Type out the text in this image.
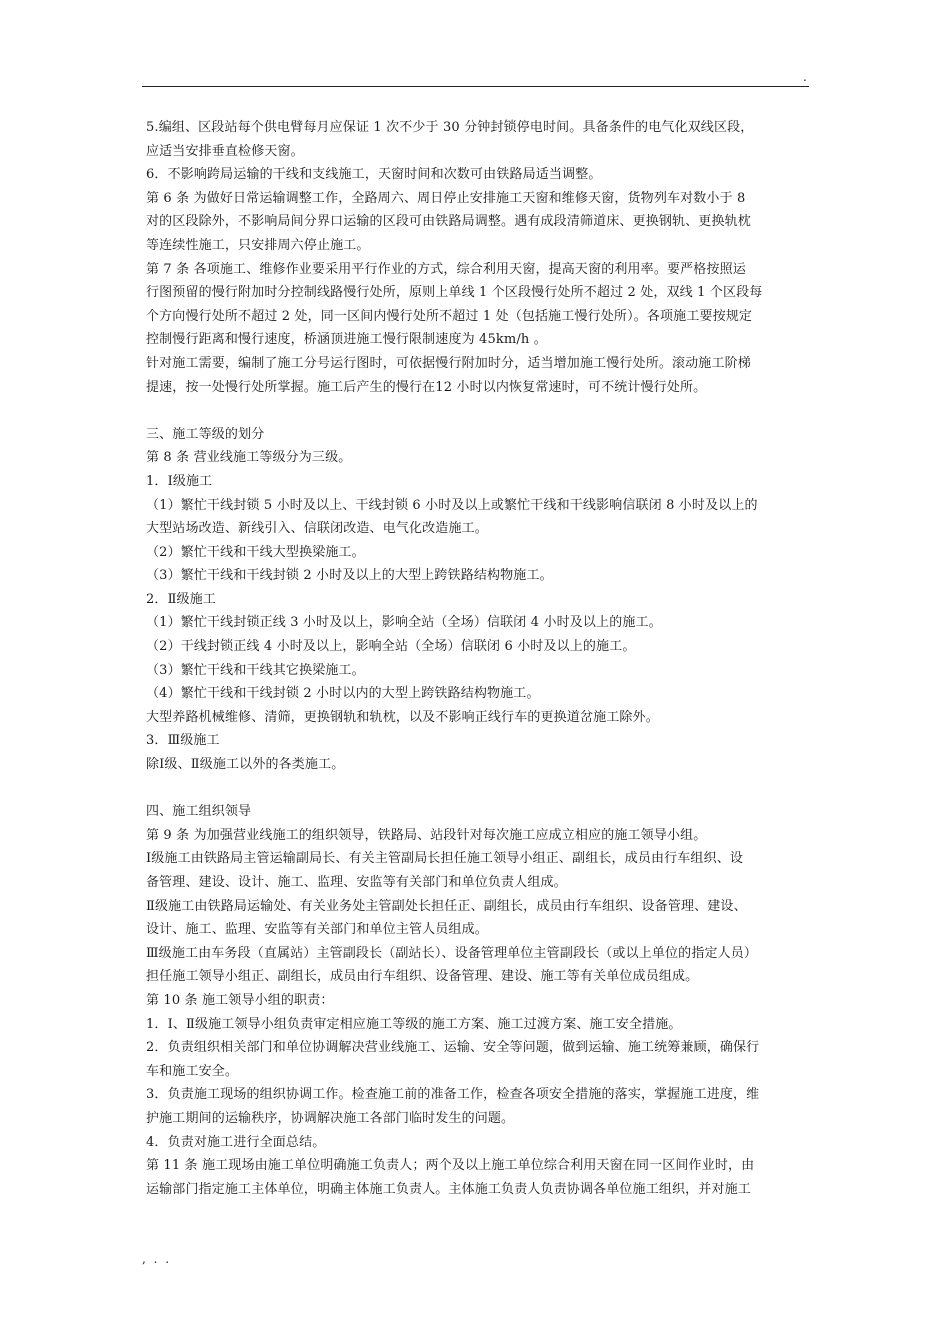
.
5.编组、区段站每个供电臂每月应保证 1 次不少于 30 分钟封锁停电时间。具备条件的电气化双线区段，
应适当安排垂直检修天窗。
6．不影响跨局运输的干线和支线施工，天窗时间和次数可由铁路局适当调整。
第 6 条 为做好日常运输调整工作，全路周六、周日停止安排施工天窗和维修天窗，货物列车对数小于 8
对的区段除外，不影响局间分界口运输的区段可由铁路局调整。遇有成段清筛道床、更换钢轨、更换轨枕
等连续性施工，只安排周六停止施工。
第 7 条 各项施工、维修作业要采用平行作业的方式，综合利用天窗，提高天窗的利用率。要严格按照运
行图预留的慢行附加时分控制线路慢行处所，原则上单线 1 个区段慢行处所不超过 2 处，双线 1 个区段每
个方向慢行处所不超过 2 处，同一区间内慢行处所不超过 1 处（包括施工慢行处所）。各项施工要按规定
控制慢行距离和慢行速度，桥涵顶进施工慢行限制速度为 45km/h 。
针对施工需要，编制了施工分号运行图时，可依据慢行附加时分，适当增加施工慢行处所。滚动施工阶梯
提速，按一处慢行处所掌握。施工后产生的慢行在12 小时以内恢复常速时，可不统计慢行处所。
三、施工等级的划分
第 8 条 营业线施工等级分为三级。
1．Ⅰ级施工
（1）繁忙干线封锁 5 小时及以上、干线封锁 6 小时及以上或繁忙干线和干线影响信联闭 8 小时及以上的
大型站场改造、新线引入、信联闭改造、电气化改造施工。
（2）繁忙干线和干线大型换梁施工。
（3）繁忙干线和干线封锁 2 小时及以上的大型上跨铁路结构物施工。
2．Ⅱ级施工
（1）繁忙干线封锁正线 3 小时及以上，影响全站（全场）信联闭 4 小时及以上的施工。
（2）干线封锁正线 4 小时及以上，影响全站（全场）信联闭 6 小时及以上的施工。
（3）繁忙干线和干线其它换梁施工。
（4）繁忙干线和干线封锁 2 小时以内的大型上跨铁路结构物施工。
大型养路机械维修、清筛，更换钢轨和轨枕，以及不影响正线行车的更换道岔施工除外。
3．Ⅲ级施工
除Ⅰ级、Ⅱ级施工以外的各类施工。
四、施工组织领导
第 9 条 为加强营业线施工的组织领导，铁路局、站段针对每次施工应成立相应的施工领导小组。
Ⅰ级施工由铁路局主管运输副局长、有关主管副局长担任施工领导小组正、副组长，成员由行车组织、设
备管理、建设、设计、施工、监理、安监等有关部门和单位负责人组成。
Ⅱ级施工由铁路局运输处、有关业务处主管副处长担任正、副组长，成员由行车组织、设备管理、建设、
设计、施工、监理、安监等有关部门和单位主管人员组成。
Ⅲ级施工由车务段（直属站）主管副段长（副站长）、设备管理单位主管副段长（或以上单位的指定人员）
担任施工领导小组正、副组长，成员由行车组织、设备管理、建设、施工等有关单位成员组成。
第 10 条 施工领导小组的职责：
1．Ⅰ、Ⅱ级施工领导小组负责审定相应施工等级的施工方案、施工过渡方案、施工安全措施。
2．负责组织相关部门和单位协调解决营业线施工、运输、安全等问题，做到运输、施工统筹兼顾，确保行
车和施工安全。
3．负责施工现场的组织协调工作。检查施工前的准备工作，检查各项安全措施的落实，掌握施工进度，维
护施工期间的运输秩序，协调解决施工各部门临时发生的问题。
4．负责对施工进行全面总结。
第 11 条 施工现场由施工单位明确施工负责人；两个及以上施工单位综合利用天窗在同一区间作业时，由
运输部门指定施工主体单位，明确主体施工负责人。主体施工负责人负责协调各单位施工组织，并对施工
, . .
